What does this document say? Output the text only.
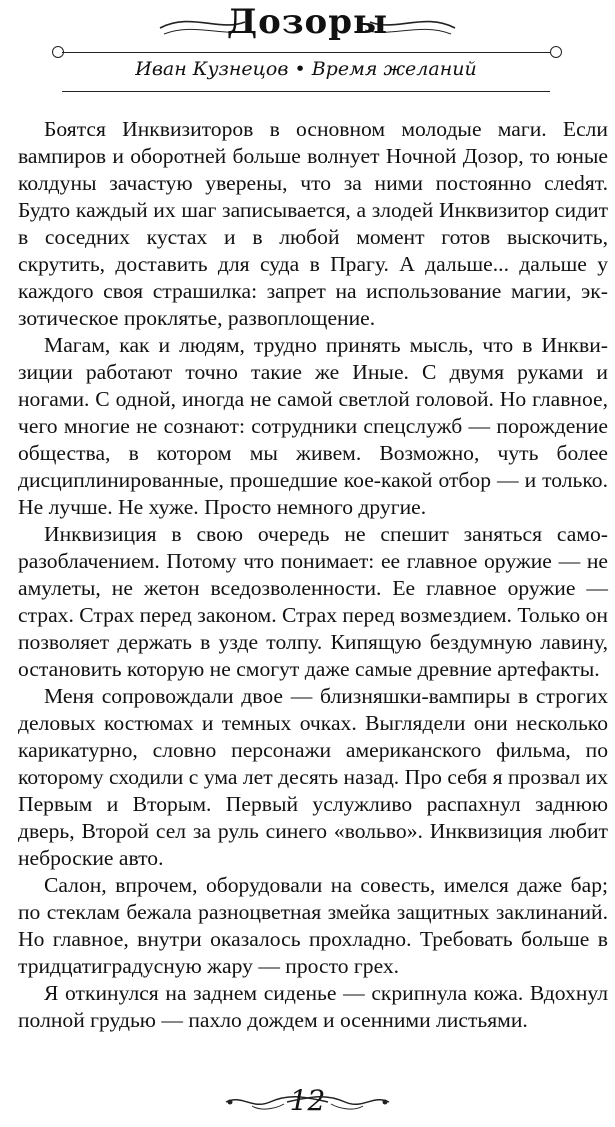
Дозоры
Иван Кузнецов • Время желаний

Боятся Инквизиторов в основном молодые маги. Если вампиров и оборотней больше волнует Ночной Дозор, то юные колдуны зачастую уверены, что за ними постоянно слеdят. Будто каждый их шаг записывается, а злодей Инквизитор сидит в соседних кустах и в любой момент готов выскочить, скрутить, доставить для суда в Прагу. А дальше... дальше у каждого своя страшилка: запрет на использование магии, экзотическое проклятье, развоплощение.

Магам, как и людям, трудно принять мысль, что в Инквизиции работают точно такие же Иные. С двумя руками и ногами. С одной, иногда не самой светлой головой. Но главное, чего многие не сознают: сотрудники спецслужб — порождение общества, в котором мы живем. Возможно, чуть более дисциплинированные, прошедшие кое-какой отбор — и только. Не лучше. Не хуже. Просто немного другие.

Инквизиция в свою очередь не спешит заняться саморазоблачением. Потому что понимает: ее главное оружие — не амулеты, не жетон вседозволенности. Ее главное оружие — страх. Страх перед законом. Страх перед возмездием. Только он позволяет держать в узде толпу. Кипящую бездумную лавину, остановить которую не смогут даже самые древние артефакты.

Меня сопровождали двое — близняшки-вампиры в строгих деловых костюмах и темных очках. Выглядели они несколько карикатурно, словно персонажи американского фильма, по которому сходили с ума лет десять назад. Про себя я прозвал их Первым и Вторым. Первый услужливо распахнул заднюю дверь, Второй сел за руль синего «вольво». Инквизиция любит неброские авто.

Салон, впрочем, оборудовали на совесть, имелся даже бар; по стеклам бежала разноцветная змейка защитных заклинаний. Но главное, внутри оказалось прохладно. Требовать больше в тридцатиградусную жару — просто грех.

Я откинулся на заднем сиденье — скрипнула кожа. Вдохнул полной грудью — пахло дождем и осенними листьями.

12
